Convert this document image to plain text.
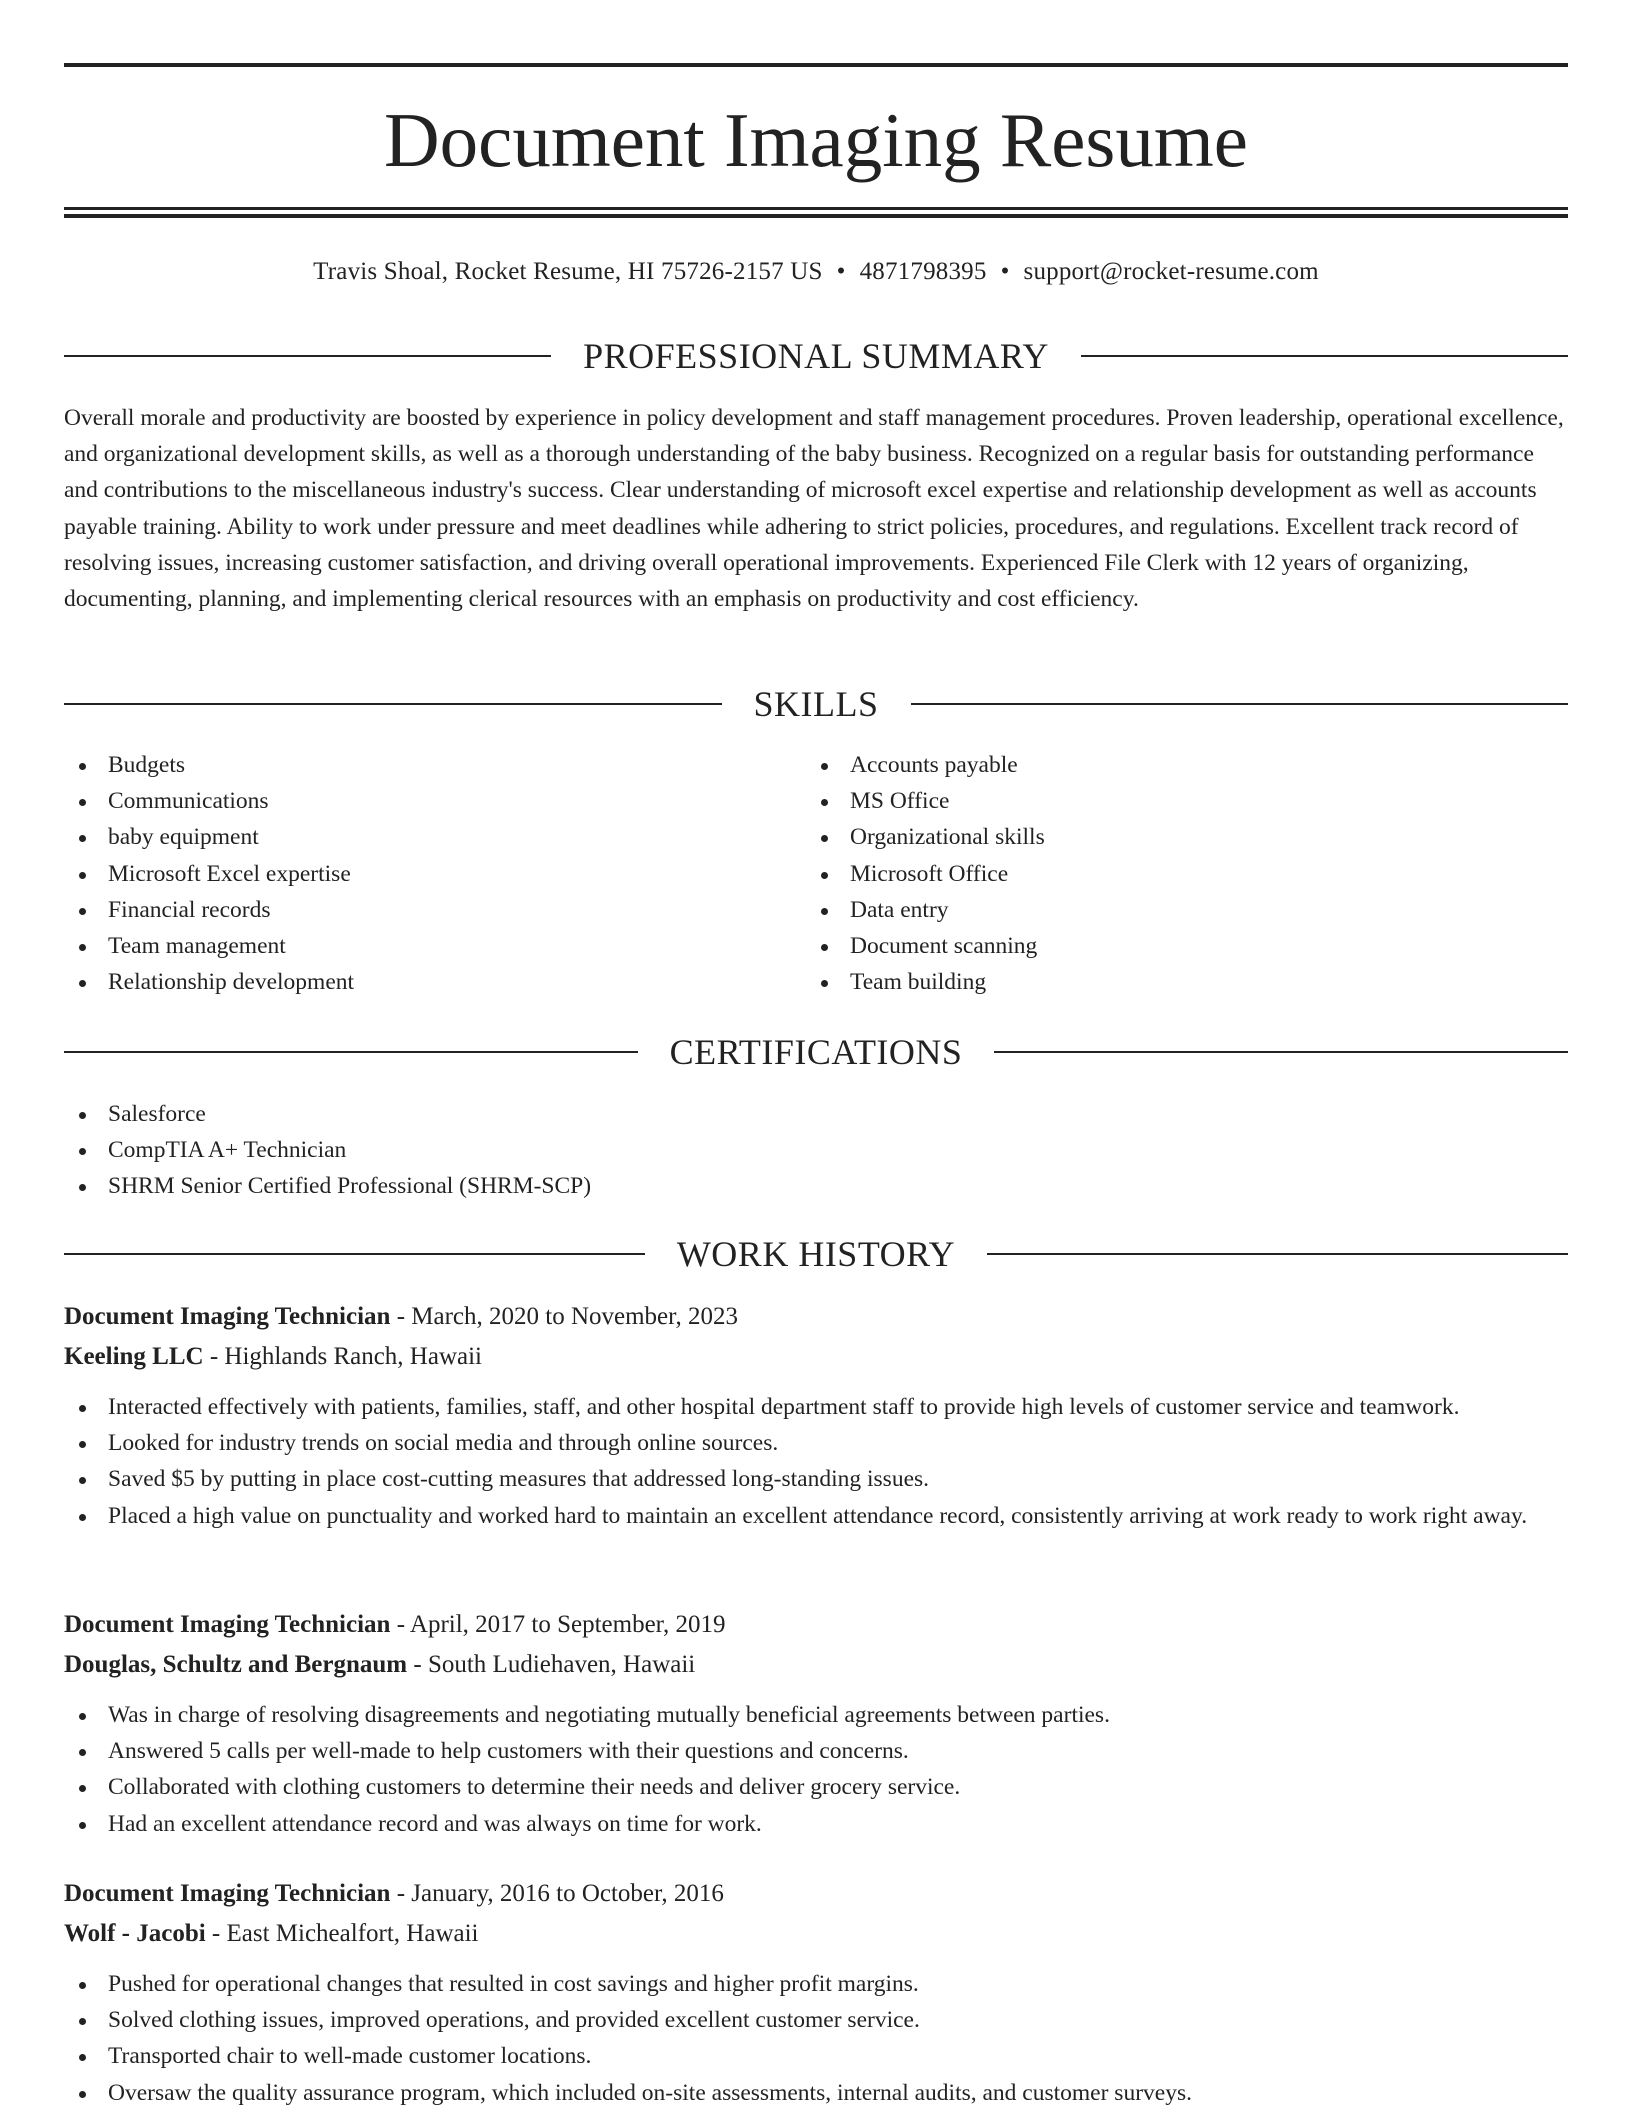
Document Imaging Resume
Travis Shoal, Rocket Resume, HI 75726-2157 US • 4871798395 • support@rocket-resume.com
PROFESSIONAL SUMMARY

Overall morale and productivity are boosted by experience in policy development and staff management procedures. Proven leadership, operational excellence, and organizational development skills, as well as a thorough understanding of the baby business. Recognized on a regular basis for outstanding performance and contributions to the miscellaneous industry's success. Clear understanding of microsoft excel expertise and relationship development as well as accounts payable training. Ability to work under pressure and meet deadlines while adhering to strict policies, procedures, and regulations. Excellent track record of resolving issues, increasing customer satisfaction, and driving overall operational improvements. Experienced File Clerk with 12 years of organizing, documenting, planning, and implementing clerical resources with an emphasis on productivity and cost efficiency.

SKILLS
Budgets
Communications
baby equipment
Microsoft Excel expertise
Financial records
Team management
Relationship development
Accounts payable
MS Office
Organizational skills
Microsoft Office
Data entry
Document scanning
Team building
CERTIFICATIONS
Salesforce
CompTIA A+ Technician
SHRM Senior Certified Professional (SHRM-SCP)
WORK HISTORY
Document Imaging Technician - March, 2020 to November, 2023
Keeling LLC - Highlands Ranch, Hawaii
Interacted effectively with patients, families, staff, and other hospital department staff to provide high levels of customer service and teamwork.
Looked for industry trends on social media and through online sources.
Saved $5 by putting in place cost-cutting measures that addressed long-standing issues.
Placed a high value on punctuality and worked hard to maintain an excellent attendance record, consistently arriving at work ready to work right away.
Document Imaging Technician - April, 2017 to September, 2019
Douglas, Schultz and Bergnaum - South Ludiehaven, Hawaii
Was in charge of resolving disagreements and negotiating mutually beneficial agreements between parties.
Answered 5 calls per well-made to help customers with their questions and concerns.
Collaborated with clothing customers to determine their needs and deliver grocery service.
Had an excellent attendance record and was always on time for work.
Document Imaging Technician - January, 2016 to October, 2016
Wolf - Jacobi - East Michealfort, Hawaii
Pushed for operational changes that resulted in cost savings and higher profit margins.
Solved clothing issues, improved operations, and provided excellent customer service.
Transported chair to well-made customer locations.
Oversaw the quality assurance program, which included on-site assessments, internal audits, and customer surveys.
